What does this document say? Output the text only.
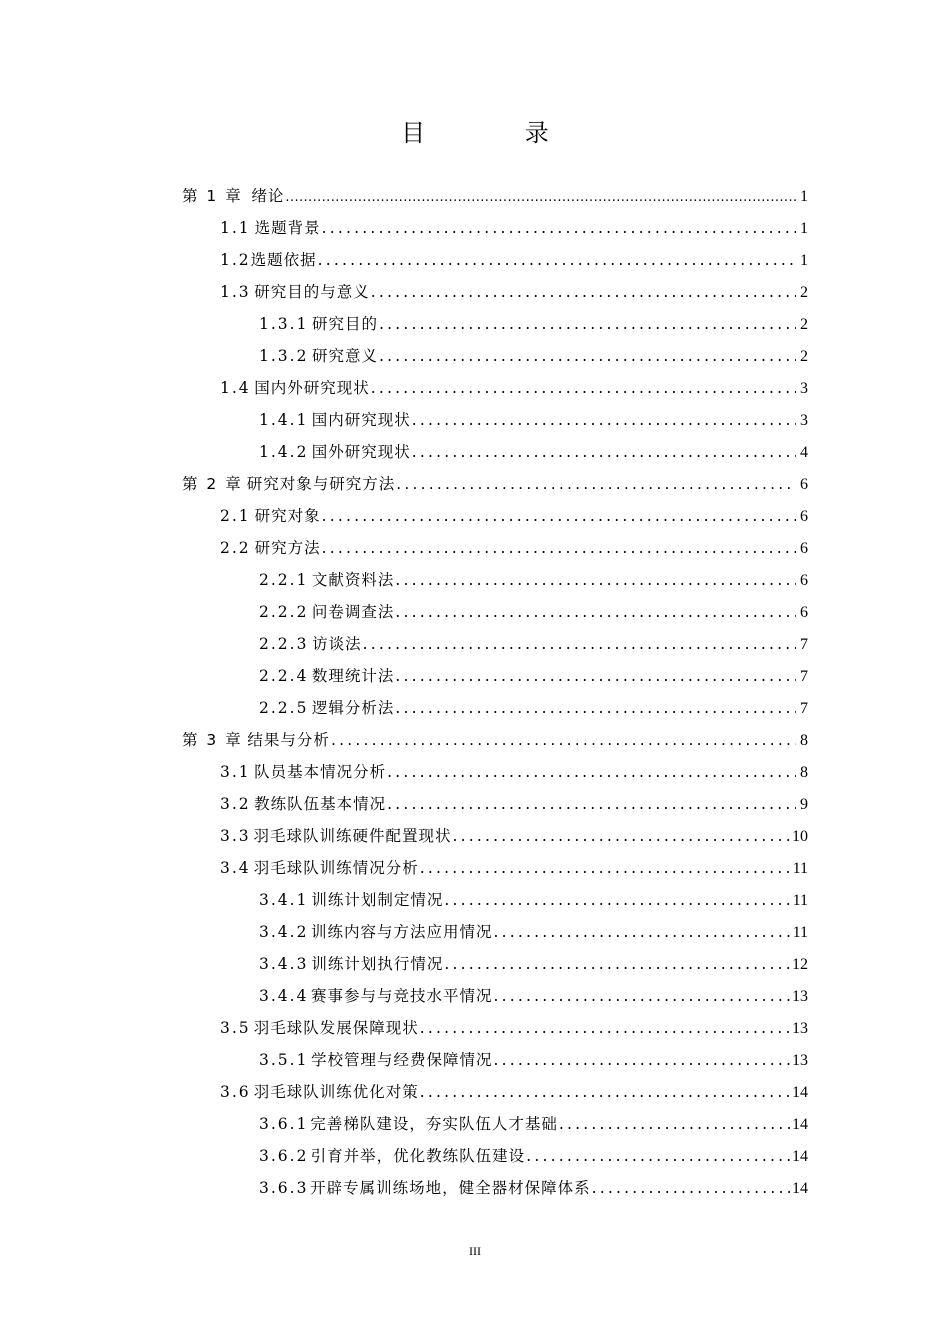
目 录
第 1 章 绪论 .....	1
1.1 选题背景 .....	1
1.2 选题依据 .....	1
1.3 研究目的与意义 .....	2
1.3.1 研究目的 .....	2
1.3.2 研究意义 .....	2
1.4 国内外研究现状 .....	3
1.4.1 国内研究现状 .....	3
1.4.2 国外研究现状 .....	4
第 2 章 研究对象与研究方法 .....	6
2.1 研究对象 .....	6
2.2 研究方法 .....	6
2.2.1 文献资料法 .....	6
2.2.2 问卷调查法 .....	6
2.2.3 访谈法 .....	7
2.2.4 数理统计法 .....	7
2.2.5 逻辑分析法 .....	7
第 3 章 结果与分析 .....	8
3.1 队员基本情况分析 .....	8
3.2 教练队伍基本情况 .....	9
3.3 羽毛球队训练硬件配置现状 .....	10
3.4 羽毛球队训练情况分析 .....	11
3.4.1 训练计划制定情况 .....	11
3.4.2 训练内容与方法应用情况 .....	11
3.4.3 训练计划执行情况 .....	12
3.4.4 赛事参与与竞技水平情况 .....	13
3.5 羽毛球队发展保障现状 .....	13
3.5.1 学校管理与经费保障情况 .....	13
3.6 羽毛球队训练优化对策 .....	14
3.6.1 完善梯队建设，夯实队伍人才基础 .....	14
3.6.2 引育并举，优化教练队伍建设 .....	14
3.6.3 开辟专属训练场地，健全器材保障体系 .....	14
III
